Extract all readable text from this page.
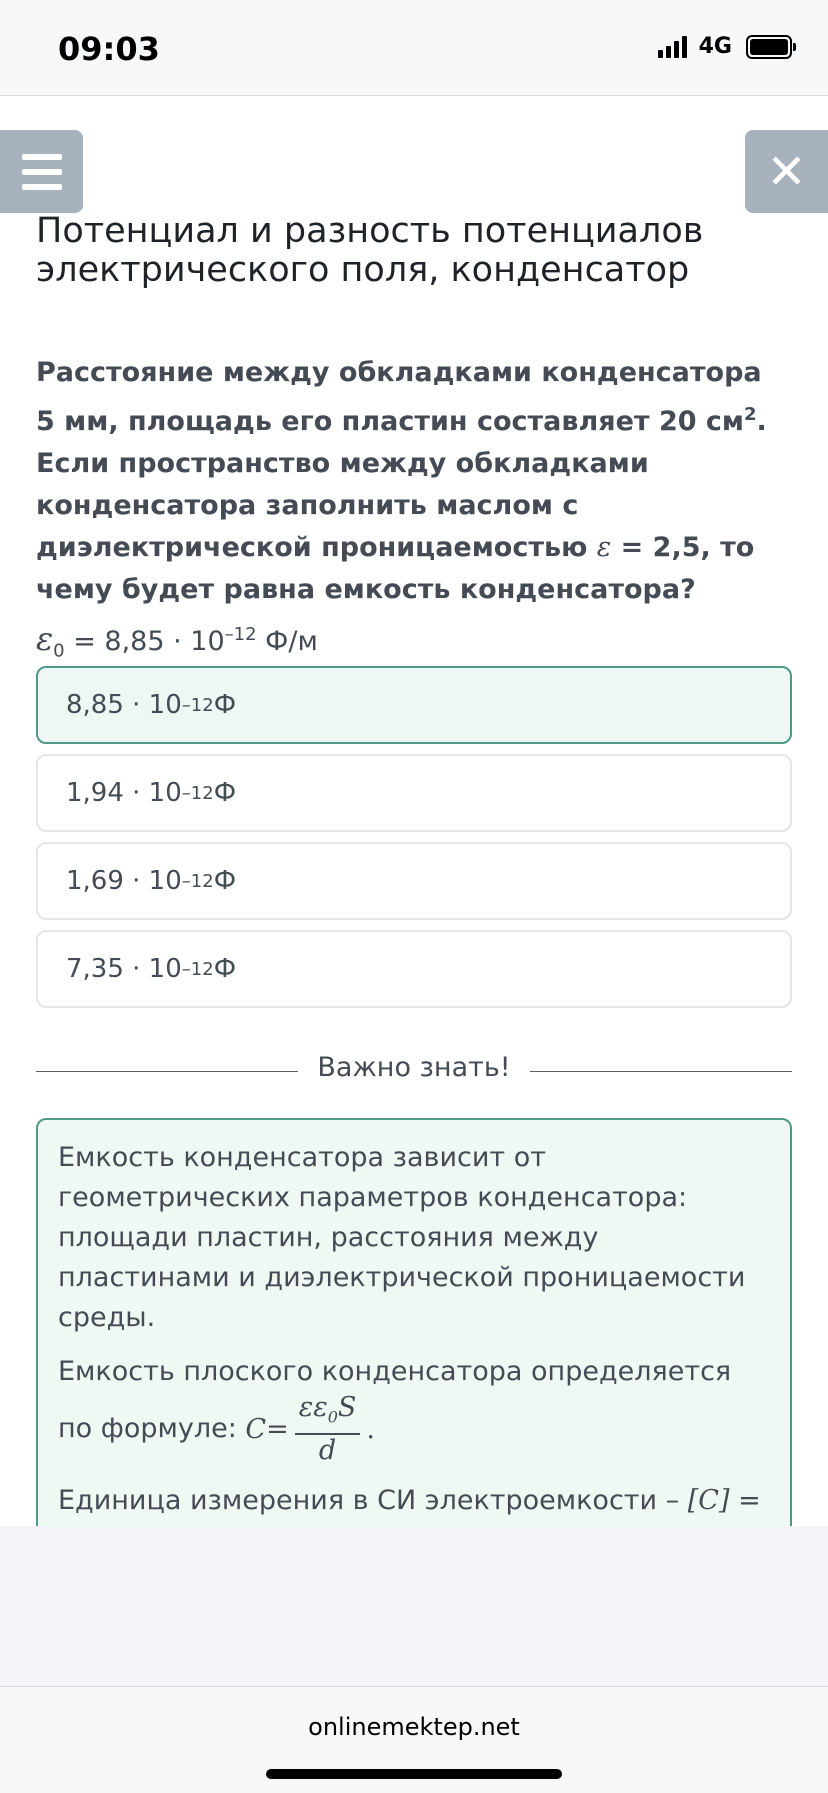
09:03	4G
✕
Потенциал и разность потенциалов электрического поля, конденсатор
Расстояние между обкладками конденсатора 5 мм, площадь его пластин составляет 20 $см^2$. Если пространство между обкладками конденсатора заполнить маслом с диэлектрической проницаемостью ε = 2,5, то чему будет равна емкость конденсатора?
$\varepsilon_0 = 8,85 \cdot 10^{-12}$ Ф/м
8,85 · 10 –12 Ф
1,94 · 10 –12 Ф
1,69 · 10 –12 Ф
7,35 · 10 –12 Ф
Важно знать!

Емкость конденсатора зависит от геометрических параметров конденсатора: площади пластин, расстояния между пластинами и диэлектрической проницаемости среды.

Емкость плоского конденсатора определяется по формуле: $C = \frac{\varepsilon\varepsilon_0S}{d}$ .

Единица измерения в СИ электроемкости – [C] =

onlinemektep.net
